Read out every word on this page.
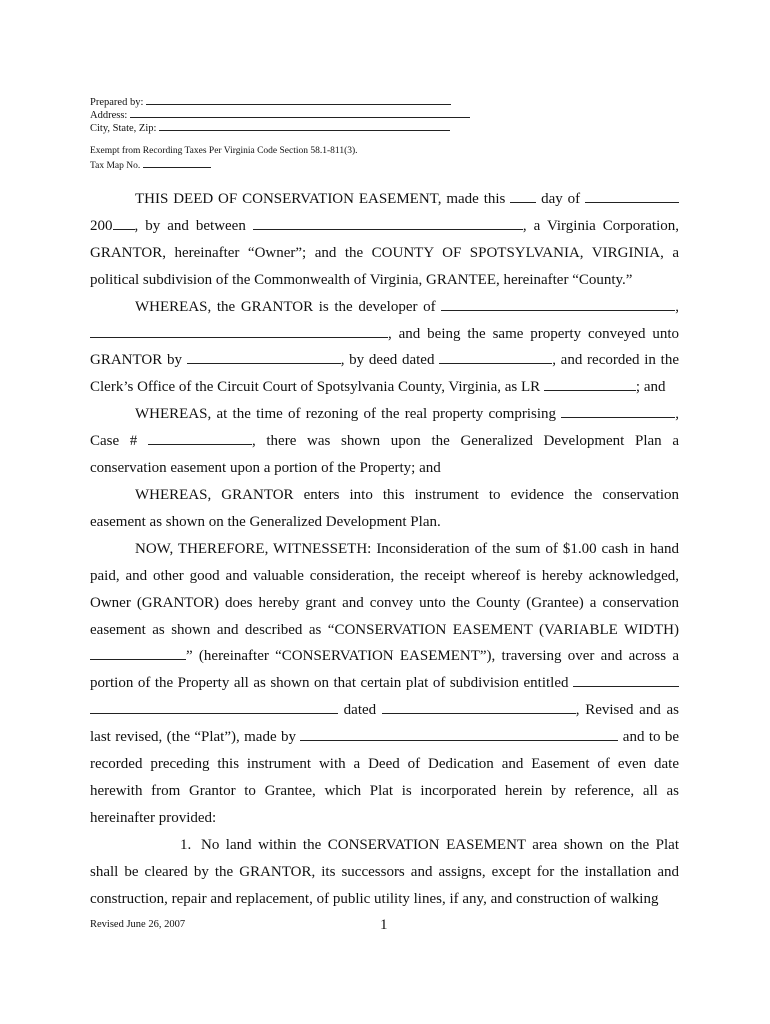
Prepared by:
Address:
City, State, Zip:
Exempt from Recording Taxes Per Virginia Code Section 58.1-811(3).
Tax Map No.

THIS DEED OF CONSERVATION EASEMENT, made this day of  200 , by and between	, a Virginia Corporation, GRANTOR, hereinafter “Owner”; and the COUNTY OF SPOTSYLVANIA, VIRGINIA, a political subdivision of the Commonwealth of Virginia, GRANTEE, hereinafter “County.”

WHEREAS, the GRANTOR is the developer of	, , and being the same property conveyed unto GRANTOR by	, by deed dated	, and recorded in the Clerk’s Office of the Circuit Court of Spotsylvania County, Virginia, as LR	; and

WHEREAS, at the time of rezoning of the real property comprising	, Case #	, there was shown upon the Generalized Development Plan a conservation easement upon a portion of the Property; and

WHEREAS, GRANTOR enters into this instrument to evidence the conservation easement as shown on the Generalized Development Plan.

NOW, THEREFORE, WITNESSETH: Inconsideration of the sum of $1.00 cash in hand paid, and other good and valuable consideration, the receipt whereof is hereby acknowledged, Owner (GRANTOR) does hereby grant and convey unto the County (Grantee) a conservation easement as shown and described as “CONSERVATION EASEMENT (VARIABLE WIDTH) ” (hereinafter “CONSERVATION EASEMENT”), traversing over and across a portion of the Property all as shown on that certain plat of subdivision entitled   dated	, Revised and as last revised, (the “Plat”), made by	and to be recorded preceding this instrument with a Deed of Dedication and Easement of even date herewith from Grantor to Grantee, which Plat is incorporated herein by reference, all as hereinafter provided:

1. No land within the CONSERVATION EASEMENT area shown on the Plat shall be cleared by the GRANTOR, its successors and assigns, except for the installation and construction, repair and replacement, of public utility lines, if any, and construction of walking

Revised June 26, 2007	1
